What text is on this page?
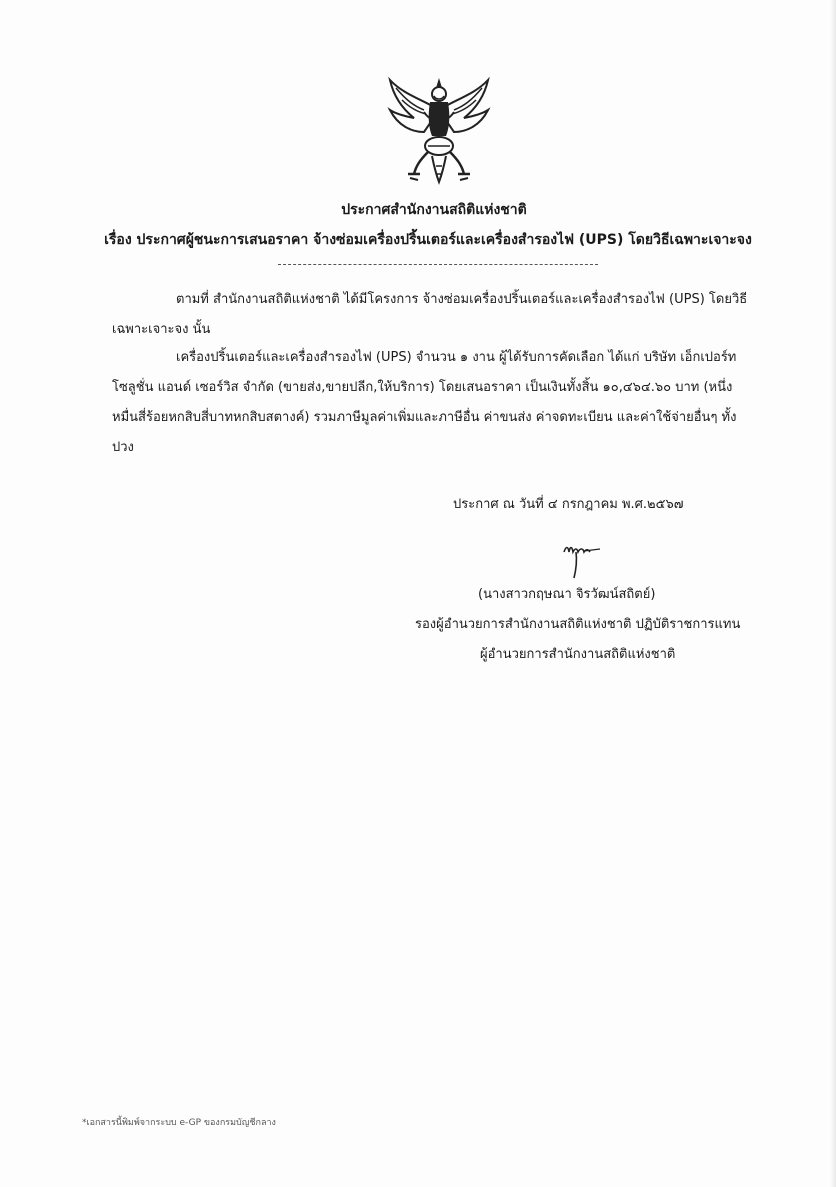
ประกาศสำนักงานสถิติแห่งชาติ
เรื่อง ประกาศผู้ชนะการเสนอราคา จ้างซ่อมเครื่องปริ้นเตอร์และเครื่องสำรองไฟ (UPS) โดยวิธีเฉพาะเจาะจง
ตามที่ สำนักงานสถิติแห่งชาติ ได้มีโครงการ จ้างซ่อมเครื่องปริ้นเตอร์และเครื่องสำรองไฟ (UPS) โดยวิธีเฉพาะเจาะจง นั้น
เครื่องปริ้นเตอร์และเครื่องสำรองไฟ (UPS) จำนวน ๑ งาน ผู้ได้รับการคัดเลือก ได้แก่ บริษัท เอ็กเปอร์ท โซลูชั่น แอนด์ เซอร์วิส จำกัด (ขายส่ง,ขายปลีก,ให้บริการ) โดยเสนอราคา เป็นเงินทั้งสิ้น ๑๐,๔๖๔.๖๐ บาท (หนึ่งหมื่นสี่ร้อยหกสิบสี่บาทหกสิบสตางค์) รวมภาษีมูลค่าเพิ่มและภาษีอื่น ค่าขนส่ง ค่าจดทะเบียน และค่าใช้จ่ายอื่นๆ ทั้งปวง
ประกาศ ณ วันที่ ๔ กรกฎาคม พ.ศ.๒๕๖๗
(นางสาวกฤษณา จิรวัฒน์สถิตย์)
รองผู้อำนวยการสำนักงานสถิติแห่งชาติ ปฏิบัติราชการแทน
ผู้อำนวยการสำนักงานสถิติแห่งชาติ
*เอกสารนี้พิมพ์จากระบบ e-GP ของกรมบัญชีกลาง
